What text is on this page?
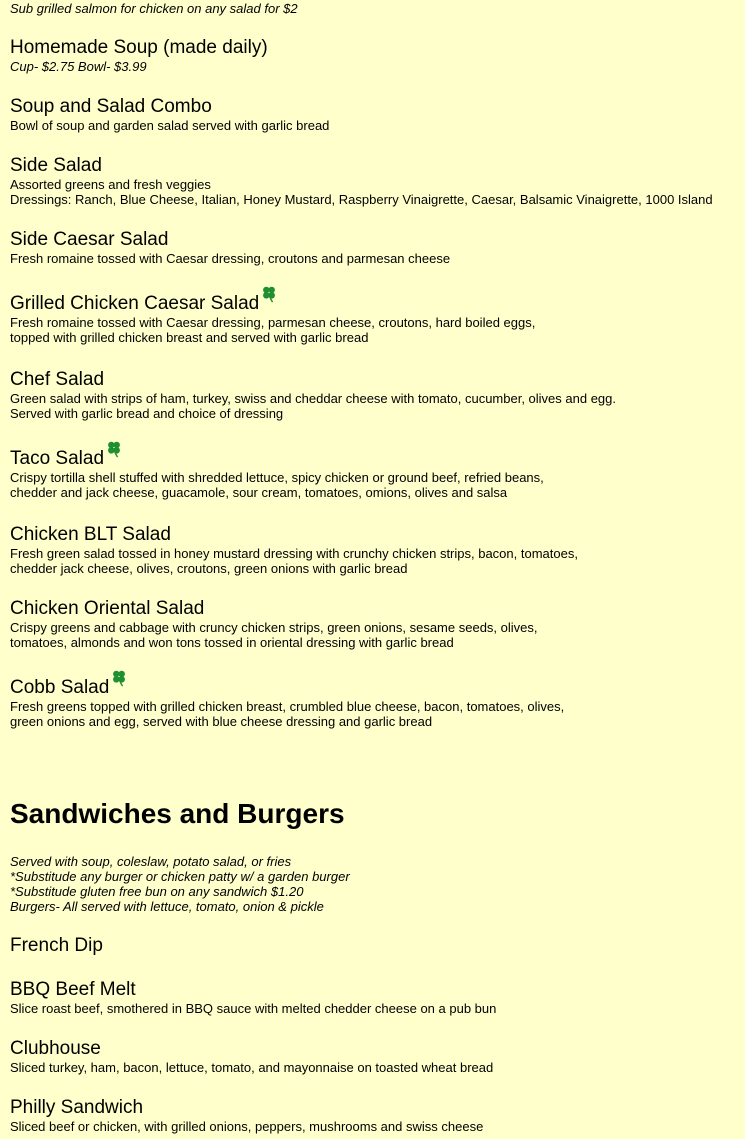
Sub grilled salmon for chicken on any salad for $2
Homemade Soup (made daily)
Cup- $2.75 Bowl- $3.99
Soup and Salad Combo
Bowl of soup and garden salad served with garlic bread
Side Salad
Assorted greens and fresh veggies
Dressings: Ranch, Blue Cheese, Italian, Honey Mustard, Raspberry Vinaigrette, Caesar, Balsamic Vinaigrette, 1000 Island
Side Caesar Salad
Fresh romaine tossed with Caesar dressing, croutons and parmesan cheese
Grilled Chicken Caesar Salad
Fresh romaine tossed with Caesar dressing, parmesan cheese, croutons, hard boiled eggs,
topped with grilled chicken breast and served with garlic bread
Chef Salad
Green salad with strips of ham, turkey, swiss and cheddar cheese with tomato, cucumber, olives and egg.
Served with garlic bread and choice of dressing
Taco Salad
Crispy tortilla shell stuffed with shredded lettuce, spicy chicken or ground beef, refried beans,
chedder and jack cheese, guacamole, sour cream, tomatoes, omions, olives and salsa
Chicken BLT Salad
Fresh green salad tossed in honey mustard dressing with crunchy chicken strips, bacon, tomatoes,
chedder jack cheese, olives, croutons, green onions with garlic bread
Chicken Oriental Salad
Crispy greens and cabbage with cruncy chicken strips, green onions, sesame seeds, olives,
tomatoes, almonds and won tons tossed in oriental dressing with garlic bread
Cobb Salad
Fresh greens topped with grilled chicken breast, crumbled blue cheese, bacon, tomatoes, olives,
green onions and egg, served with blue cheese dressing and garlic bread
Sandwiches and Burgers
Served with soup, coleslaw, potato salad, or fries
*Substitude any burger or chicken patty w/ a garden burger
*Substitude gluten free bun on any sandwich $1.20
Burgers- All served with lettuce, tomato, onion & pickle
French Dip
BBQ Beef Melt
Slice roast beef, smothered in BBQ sauce with melted chedder cheese on a pub bun
Clubhouse
Sliced turkey, ham, bacon, lettuce, tomato, and mayonnaise on toasted wheat bread
Philly Sandwich
Sliced beef or chicken, with grilled onions, peppers, mushrooms and swiss cheese
